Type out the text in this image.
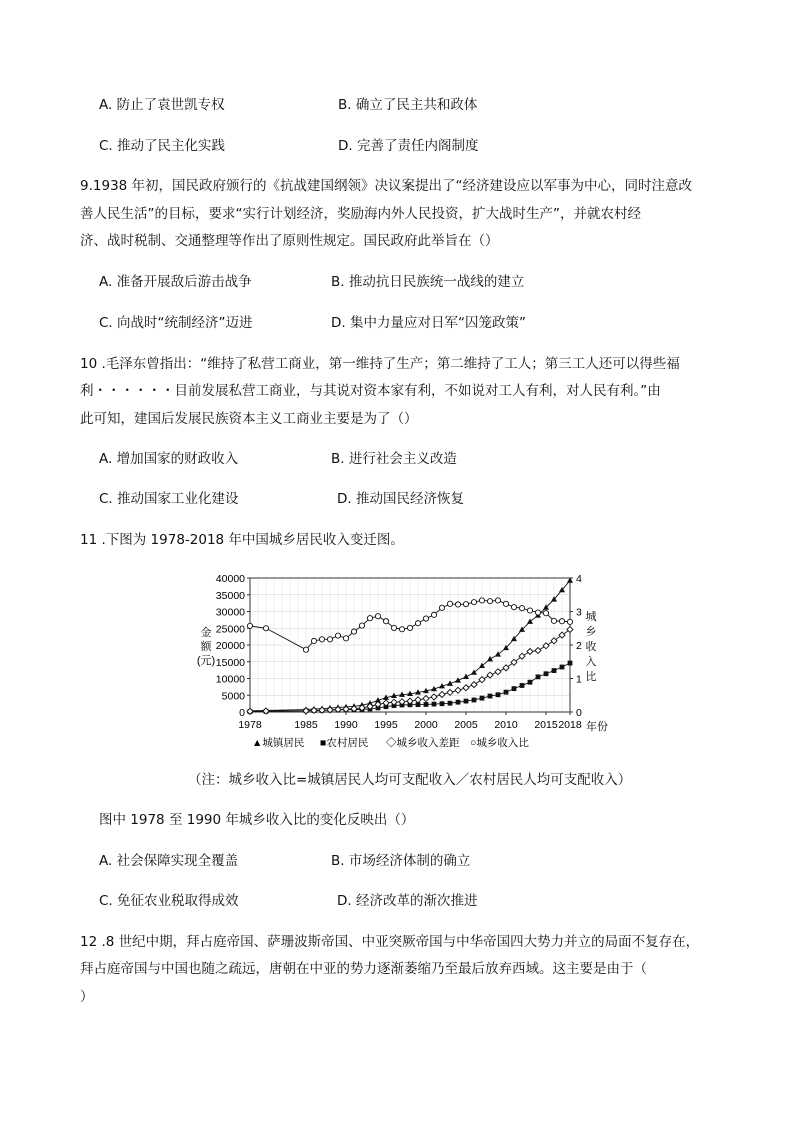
A. 防止了袁世凯专权	B. 确立了民主共和政体
C. 推动了民主化实践	D. 完善了责任内阁制度
9.1938 年初，国民政府颁行的《抗战建国纲领》决议案提出了“经济建设应以军事为中心，同时注意改
善人民生活”的目标，要求“实行计划经济，奖励海内外人民投资，扩大战时生产”，并就农村经
济、战时税制、交通整理等作出了原则性规定。国民政府此举旨在（）
A. 准备开展敌后游击战争	B. 推动抗日民族统一战线的建立
C. 向战时“统制经济”迈进	D. 集中力量应对日军“囚笼政策”
10 .毛泽东曾指出：“维持了私营工商业，第一维持了生产；第二维持了工人；第三工人还可以得些福
利・・・・・・目前发展私营工商业，与其说对资本家有利，不如说对工人有利，对人民有利。”由
此可知，建国后发展民族资本主义工商业主要是为了（）
A. 增加国家的财政收入	B. 进行社会主义改造
C. 推动国家工业化建设	D. 推动国民经济恢复
11 .下图为 1978-2018 年中国城乡居民收入变迁图。
0
5000
10000
15000
20000
25000
30000
35000
40000
0
1
2
3
4
1978	1985 1990 1995 2000 2005 2010 2015 2018
金
额
(元)
城
乡
收
入
比
年份
▲城镇居民 ■农村居民 ◇城乡收入差距 ○城乡收入比
（注：城乡收入比=城镇居民人均可支配收入／农村居民人均可支配收入）
图中 1978 至 1990 年城乡收入比的变化反映出（）
A. 社会保障实现全覆盖	B. 市场经济体制的确立
C. 免征农业税取得成效	D. 经济改革的渐次推进
12 .8 世纪中期，拜占庭帝国、萨珊波斯帝国、中亚突厥帝国与中华帝国四大势力并立的局面不复存在，
拜占庭帝国与中国也随之疏远，唐朝在中亚的势力逐渐萎缩乃至最后放弃西域。这主要是由于（
）
